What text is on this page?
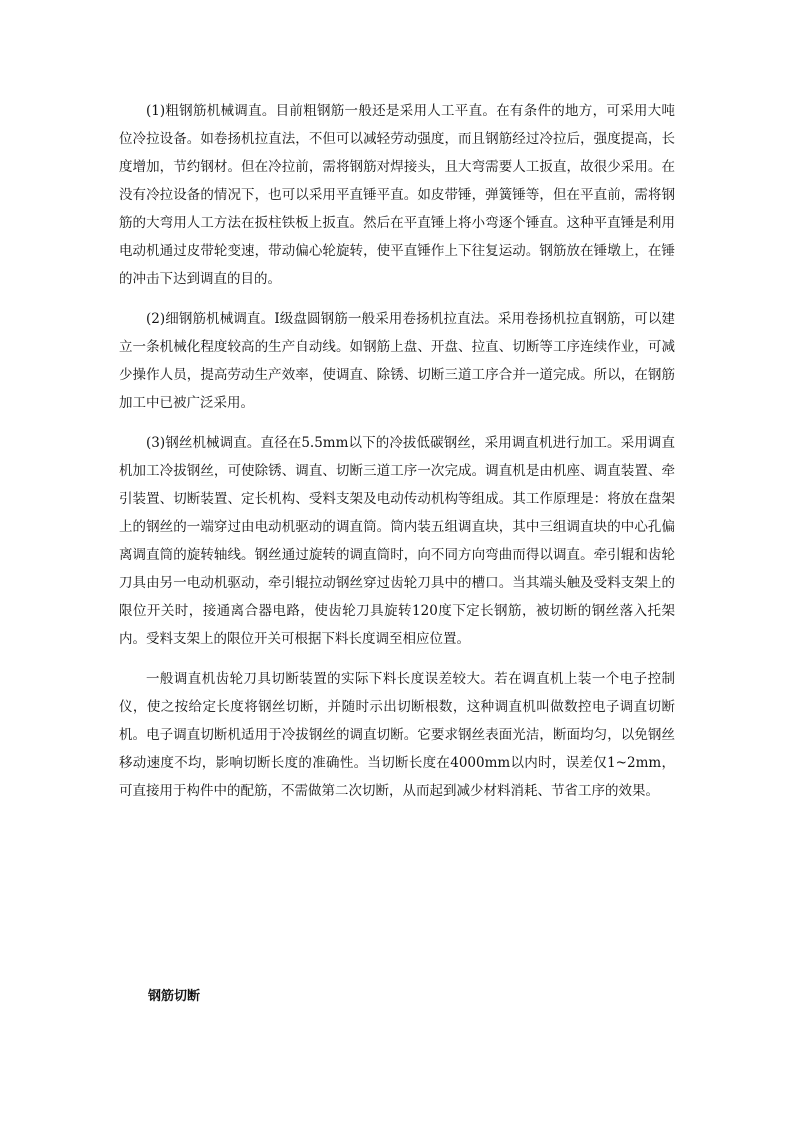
(1)粗钢筋机械调直。目前粗钢筋一般还是采用人工平直。在有条件的地方，可采用大吨位冷拉设备。如卷扬机拉直法，不但可以减轻劳动强度，而且钢筋经过冷拉后，强度提高，长度增加，节约钢材。但在冷拉前，需将钢筋对焊接头，且大弯需要人工扳直，故很少采用。在没有冷拉设备的情况下，也可以采用平直锤平直。如皮带锤，弹簧锤等，但在平直前，需将钢筋的大弯用人工方法在扳柱铁板上扳直。然后在平直锤上将小弯逐个锤直。这种平直锤是利用电动机通过皮带轮变速，带动偏心轮旋转，使平直锤作上下往复运动。钢筋放在锤墩上，在锤的冲击下达到调直的目的。

(2)细钢筋机械调直。Ⅰ级盘圆钢筋一般采用卷扬机拉直法。采用卷扬机拉直钢筋，可以建立一条机械化程度较高的生产自动线。如钢筋上盘、开盘、拉直、切断等工序连续作业，可减少操作人员，提高劳动生产效率，使调直、除锈、切断三道工序合并一道完成。所以，在钢筋加工中已被广泛采用。

(3)钢丝机械调直。直径在5.5mm以下的冷拔低碳钢丝，采用调直机进行加工。采用调直机加工冷拔钢丝，可使除锈、调直、切断三道工序一次完成。调直机是由机座、调直装置、牵引装置、切断装置、定长机构、受料支架及电动传动机构等组成。其工作原理是：将放在盘架上的钢丝的一端穿过由电动机驱动的调直筒。筒内装五组调直块，其中三组调直块的中心孔偏离调直筒的旋转轴线。钢丝通过旋转的调直筒时，向不同方向弯曲而得以调直。牵引辊和齿轮刀具由另一电动机驱动，牵引辊拉动钢丝穿过齿轮刀具中的槽口。当其端头触及受料支架上的限位开关时，接通离合器电路，使齿轮刀具旋转120度下定长钢筋，被切断的钢丝落入托架内。受料支架上的限位开关可根据下料长度调至相应位置。

一般调直机齿轮刀具切断装置的实际下料长度误差较大。若在调直机上装一个电子控制仪，使之按给定长度将钢丝切断，并随时示出切断根数，这种调直机叫做数控电子调直切断机。电子调直切断机适用于冷拔钢丝的调直切断。它要求钢丝表面光洁，断面均匀，以免钢丝移动速度不均，影响切断长度的准确性。当切断长度在4000mm以内时，误差仅1~2mm，可直接用于构件中的配筋，不需做第二次切断，从而起到减少材料消耗、节省工序的效果。

钢筋切断
